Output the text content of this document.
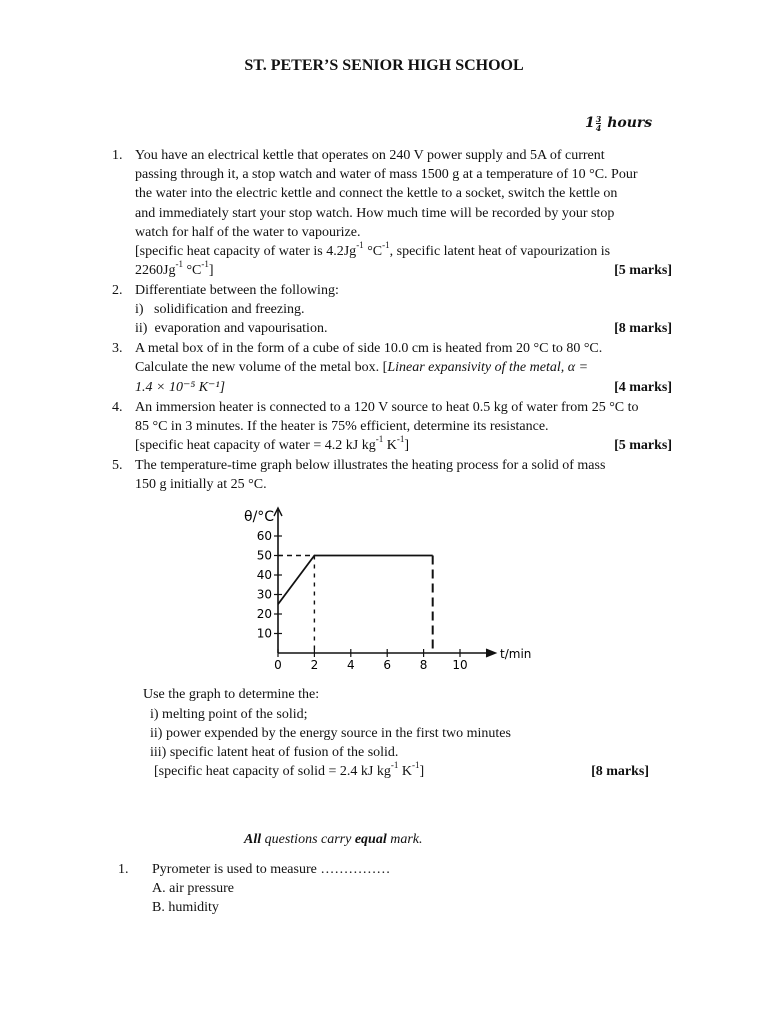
ST. PETER’S SENIOR HIGH SCHOOL
$1 \frac{3}{4}$ hours
1. You have an electrical kettle that operates on 240 V power supply and 5A of current
passing through it, a stop watch and water of mass 1500 g at a temperature of 10 °C. Pour
the water into the electric kettle and connect the kettle to a socket, switch the kettle on
and immediately start your stop watch. How much time will be recorded by your stop
watch for half of the water to vapourize.
[specific heat capacity of water is $4.2Jg^{-1}$ $^\circ C^{-1}$, specific latent heat of vapourization is
$2260Jg^{-1}$ $^\circ C^{-1}$]	[5 marks]
2. Differentiate between the following:
i)   solidification and freezing.
ii)  evaporation and vapourisation.	[8 marks]
3. A metal box of in the form of a cube of side 10.0 cm is heated from 20 °C to 80 °C.
Calculate the new volume of the metal box. [Linear expansivity of the metal, α =
1.4 × 10⁻⁵ K⁻¹]	[4 marks]
4. An immersion heater is connected to a 120 V source to heat 0.5 kg of water from 25 °C to
85 °C in 3 minutes. If the heater is 75% efficient, determine its resistance.
[specific heat capacity of water = 4.2 kJ $kg^{-1}$ $K^{-1}$]	[5 marks]
5. The temperature-time graph below illustrates the heating process for a solid of mass
150 g initially at 25 °C.
θ/°C
10
20
30
40
50
60
0 2 4 6 8 10
t/min
Use the graph to determine the:
i) melting point of the solid;
ii) power expended by the energy source in the first two minutes
iii) specific latent heat of fusion of the solid.
[specific heat capacity of solid = 2.4 kJ $kg^{-1}$ $K^{-1}$]	[8 marks]
All questions carry equal mark.
1. Pyrometer is used to measure ……………
A. air pressure
B. humidity
